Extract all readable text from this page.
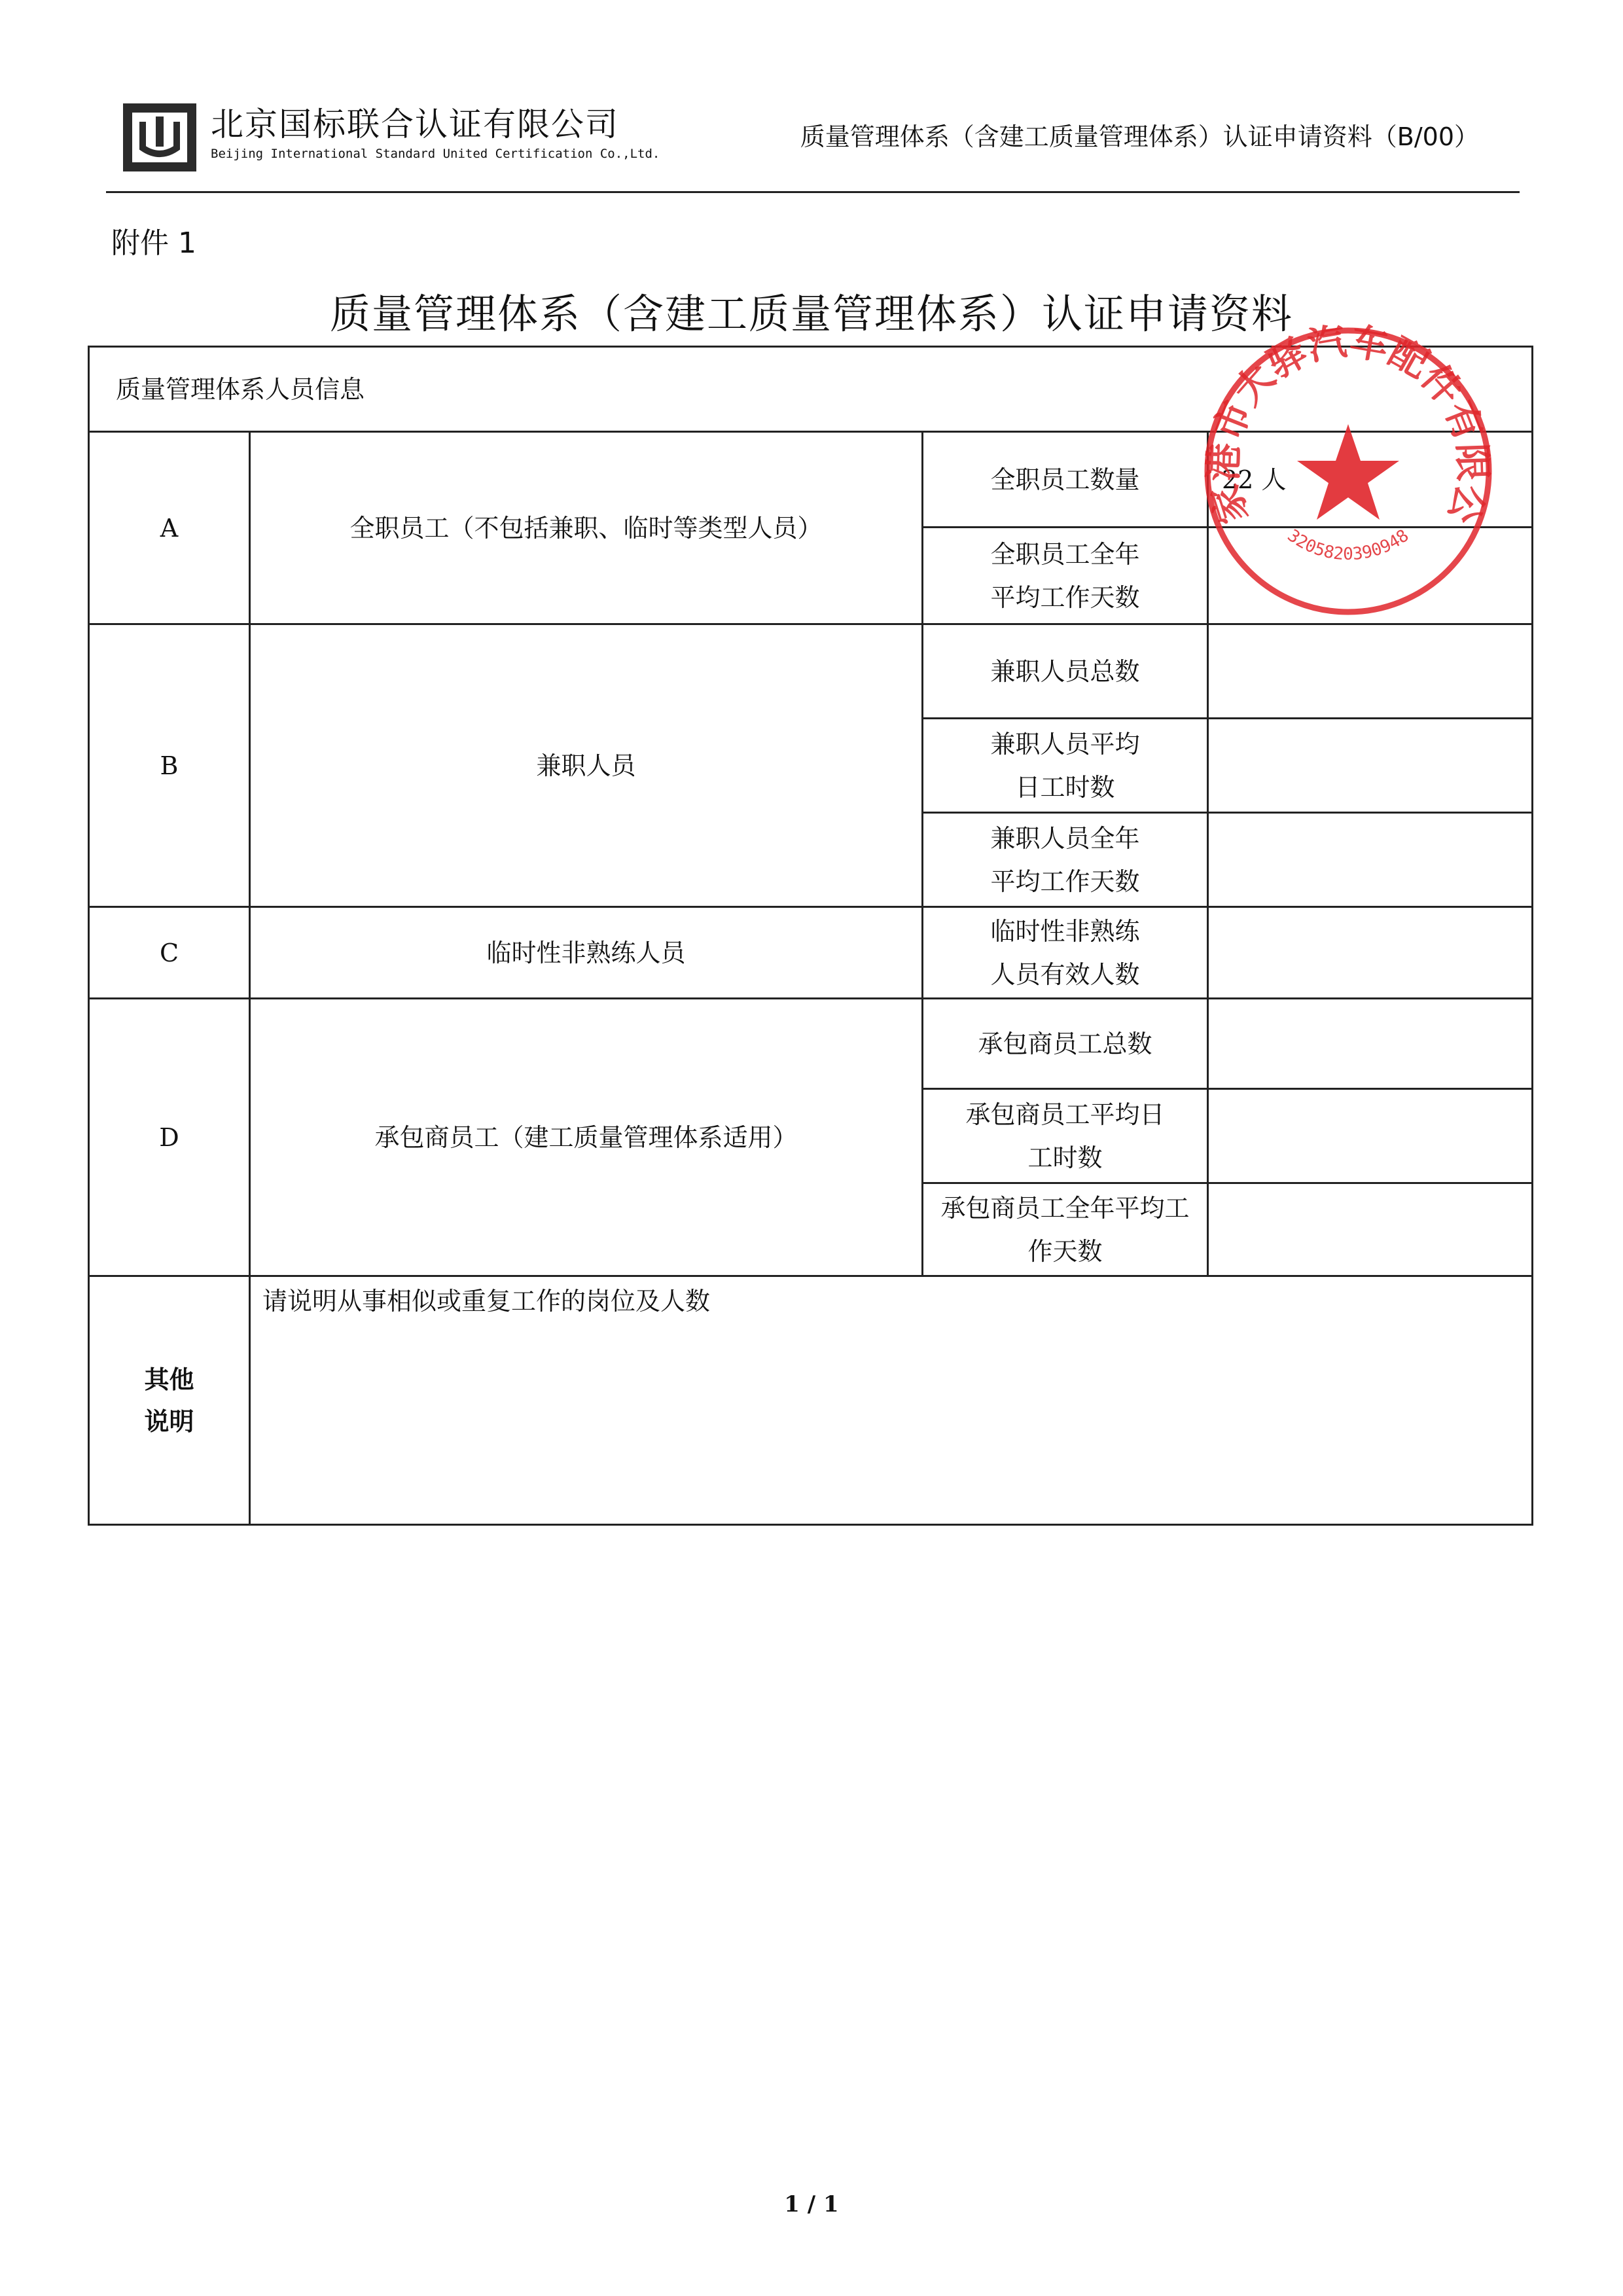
北京国标联合认证有限公司
Beijing International Standard United Certification Co.,Ltd.
质量管理体系（含建工质量管理体系）认证申请资料（B/00）
附件 1
质量管理体系（含建工质量管理体系）认证申请资料
质量管理体系人员信息			
A	全职员工（不包括兼职、临时等类型人员）	全职员工数量	22 人

		全职员工全年平均工作天数	

B	兼职人员	兼职人员总数	

		兼职人员平均日工时数	

		兼职人员全年平均工作天数	

C	临时性非熟练人员	临时性非熟练人员有效人数	

D	承包商员工（建工质量管理体系适用）	承包商员工总数	

		承包商员工平均日工时数	

		承包商员工全年平均工作天数	

其他说明	请说明从事相似或重复工作的岗位及人数		
家港市大驿汽车配件有限公
3205820390948
1 / 1
